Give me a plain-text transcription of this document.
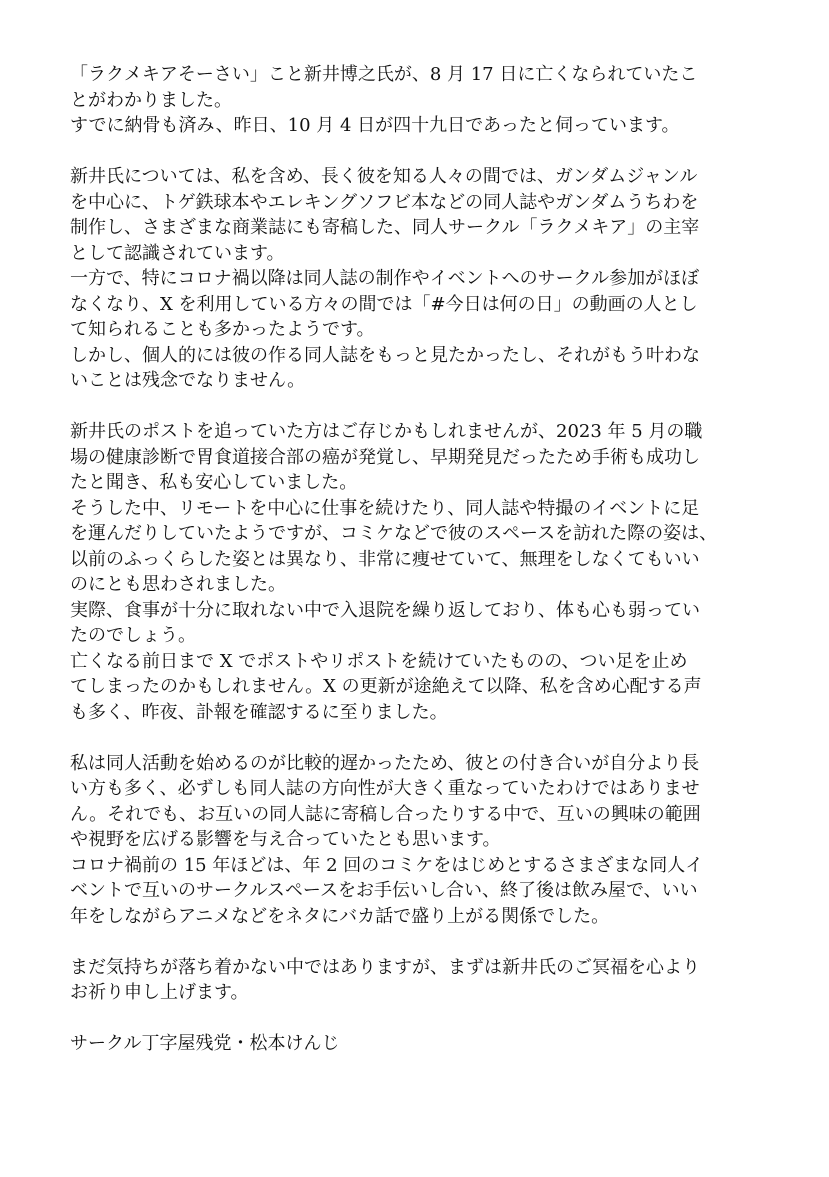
「ラクメキアそーさい」こと新井博之氏が、8 月 17 日に亡くなられていたこ
とがわかりました。
すでに納骨も済み、昨日、10 月 4 日が四十九日であったと伺っています。
新井氏については、私を含め、長く彼を知る人々の間では、ガンダムジャンル
を中心に、トゲ鉄球本やエレキングソフビ本などの同人誌やガンダムうちわを
制作し、さまざまな商業誌にも寄稿した、同人サークル「ラクメキア」の主宰
として認識されています。
一方で、特にコロナ禍以降は同人誌の制作やイベントへのサークル参加がほぼ
なくなり、X を利用している方々の間では「#今日は何の日」の動画の人とし
て知られることも多かったようです。
しかし、個人的には彼の作る同人誌をもっと見たかったし、それがもう叶わな
いことは残念でなりません。
新井氏のポストを追っていた方はご存じかもしれませんが、2023 年 5 月の職
場の健康診断で胃食道接合部の癌が発覚し、早期発見だったため手術も成功し
たと聞き、私も安心していました。
そうした中、リモートを中心に仕事を続けたり、同人誌や特撮のイベントに足
を運んだりしていたようですが、コミケなどで彼のスペースを訪れた際の姿は、
以前のふっくらした姿とは異なり、非常に痩せていて、無理をしなくてもいい
のにとも思わされました。
実際、食事が十分に取れない中で入退院を繰り返しており、体も心も弱ってい
たのでしょう。
亡くなる前日まで X でポストやリポストを続けていたものの、つい足を止め
てしまったのかもしれません。X の更新が途絶えて以降、私を含め心配する声
も多く、昨夜、訃報を確認するに至りました。
私は同人活動を始めるのが比較的遅かったため、彼との付き合いが自分より長
い方も多く、必ずしも同人誌の方向性が大きく重なっていたわけではありませ
ん。それでも、お互いの同人誌に寄稿し合ったりする中で、互いの興味の範囲
や視野を広げる影響を与え合っていたとも思います。
コロナ禍前の 15 年ほどは、年 2 回のコミケをはじめとするさまざまな同人イ
ベントで互いのサークルスペースをお手伝いし合い、終了後は飲み屋で、いい
年をしながらアニメなどをネタにバカ話で盛り上がる関係でした。
まだ気持ちが落ち着かない中ではありますが、まずは新井氏のご冥福を心より
お祈り申し上げます。
サークル丁字屋残党・松本けんじ
